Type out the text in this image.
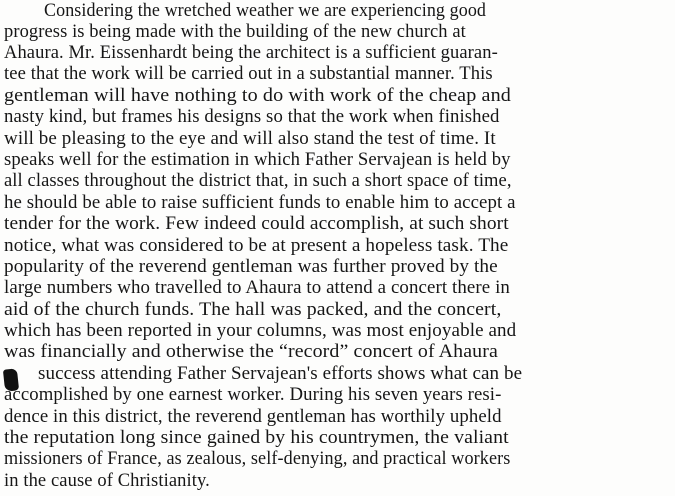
Considering the wretched weather we are experiencing good
progress is being made with the building of the new church at
Ahaura. Mr. Eissenhardt being the architect is a sufficient guaran-
tee that the work will be carried out in a substantial manner. This
gentleman will have nothing to do with work of the cheap and
nasty kind, but frames his designs so that the work when finished
will be pleasing to the eye and will also stand the test of time. It
speaks well for the estimation in which Father Servajean is held by
all classes throughout the district that, in such a short space of time,
he should be able to raise sufficient funds to enable him to accept a
tender for the work. Few indeed could accomplish, at such short
notice, what was considered to be at present a hopeless task. The
popularity of the reverend gentleman was further proved by the
large numbers who travelled to Ahaura to attend a concert there in
aid of the church funds. The hall was packed, and the concert,
which has been reported in your columns, was most enjoyable and
was financially and otherwise the “record” concert of Ahaura
success attending Father Servajean's efforts shows what can be
accomplished by one earnest worker. During his seven years resi-
dence in this district, the reverend gentleman has worthily upheld
the reputation long since gained by his countrymen, the valiant
missioners of France, as zealous, self-denying, and practical workers
in the cause of Christianity.
